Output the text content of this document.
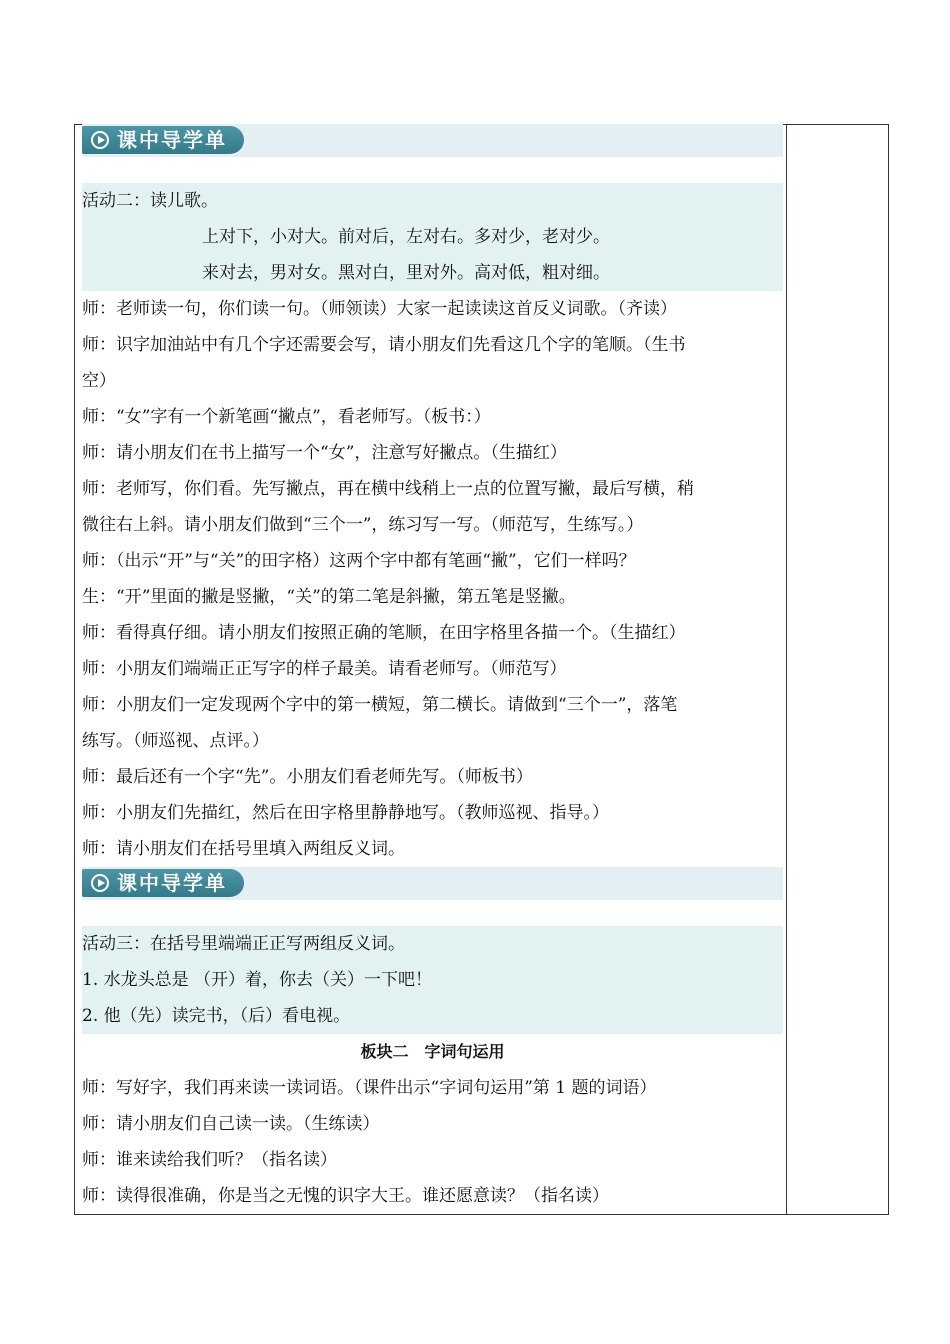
课中导学单
活动二：读儿歌。
上对下，小对大。前对后，左对右。多对少，老对少。
来对去，男对女。黑对白，里对外。高对低，粗对细。
师：老师读一句，你们读一句。（师领读）大家一起读读这首反义词歌。（齐读）
师：识字加油站中有几个字还需要会写，请小朋友们先看这几个字的笔顺。（生书
空）
师：“女”字有一个新笔画“撇点”，看老师写。（板书：）
师：请小朋友们在书上描写一个“女”，注意写好撇点。（生描红）
师：老师写，你们看。先写撇点，再在横中线稍上一点的位置写撇，最后写横，稍
微往右上斜。请小朋友们做到“三个一”，练习写一写。（师范写，生练写。）
师：（出示“开”与“关”的田字格）这两个字中都有笔画“撇”，它们一样吗？
生：“开”里面的撇是竖撇，“关”的第二笔是斜撇，第五笔是竖撇。
师：看得真仔细。请小朋友们按照正确的笔顺，在田字格里各描一个。（生描红）
师：小朋友们端端正正写字的样子最美。请看老师写。（师范写）
师：小朋友们一定发现两个字中的第一横短，第二横长。请做到“三个一”，落笔
练写。（师巡视、点评。）
师：最后还有一个字“先”。小朋友们看老师先写。（师板书）
师：小朋友们先描红，然后在田字格里静静地写。（教师巡视、指导。）
师：请小朋友们在括号里填入两组反义词。
课中导学单
活动三：在括号里端端正正写两组反义词。
1. 水龙头总是 （开）着，你去（关）一下吧！
2. 他（先）读完书，（后）看电视。
板块二　字词句运用
师：写好字，我们再来读一读词语。（课件出示“字词句运用”第 1 题的词语）
师：请小朋友们自己读一读。（生练读）
师：谁来读给我们听？（指名读）
师：读得很准确，你是当之无愧的识字大王。谁还愿意读？（指名读）
